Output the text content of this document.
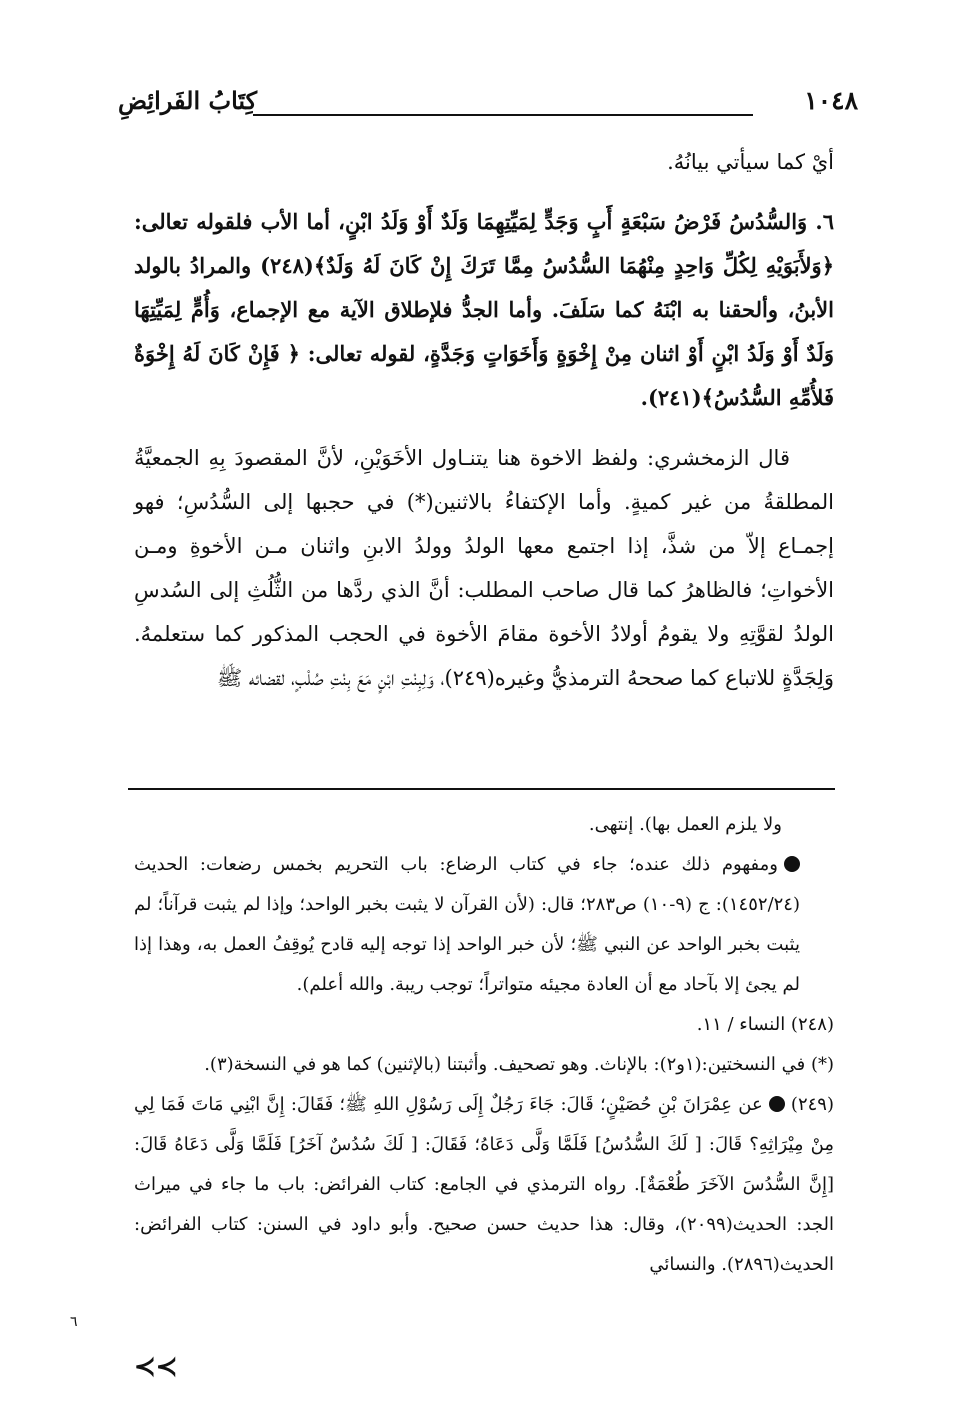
١٠٤٨
كِتَابُ الفَرائِضِ

أيْ كما سيأتي بيانُهُ.

٦. وَالسُّدُسُ فَرْضُ سَبْعَةٍ أَبٍ وَجَدٍّ لِمَيِّتِهِمَا وَلَدٌ أَوْ وَلَدُ ابْنٍ، أما الأب فلقوله تعالى: ﴿وَلأَبَوَيْهِ لِكُلِّ وَاحِدٍ مِنْهُمَا السُّدُسُ مِمَّا تَرَكَ إِنْ كَانَ لَهُ وَلَدٌ﴾(٢٤٨) والمرادُ بالولد الأبنُ، وألحقنا به ابْنَهُ كما سَلَفَ. وأما الجدُّ فلإطلاق الآية مع الإجماع، وَأُمٍّ لِمَيِّتِهَا وَلَدٌ أَوْ وَلَدُ ابْنٍ أَوْ اثنان مِنْ إِخْوَةٍ وَأَخَوَاتٍ وَجَدَّةٍ، لقوله تعالى: ﴿ فَإِنْ كَانَ لَهُ إِخْوَةٌ فَلأُمِّهِ السُّدُسُ﴾(٢٤١).

قال الزمخشري: ولفظ الاخوة هنا يتنـاول الأخَوَيْنِ، لأنَّ المقصودَ بِهِ الجمعيَّةُ المطلقةُ من غير كميةٍ. وأما الإكتفاءُ بالاثنين(*) في حجبها إلى السُّدُسِ؛ فهو إجمـاع إلاّ من شذَّ، إذا اجتمع معها الولدُ وولدُ الابنِ واثنان مـن الأخوةِ ومـن الأخواتِ؛ فالظاهرُ كما قال صاحب المطلب: أنَّ الذي ردَّها من الثُّلُثِ إلى السُدسِ الولدُ لقوَّتِهِ ولا يقومُ أولادُ الأخوة مقامَ الأخوة في الحجب المذكور كما ستعلمهُ. وَلِجَدَّةٍ للاتباع كما صححهُ الترمذيُّ وغيره(٢٤٩)، وَلِبِنْتِ ابْنٍ مَعَ بِنْتِ صُلْبٍ، لقضائه ﷺ

ولا يلزم العمل بها). إنتهى.

ومفهوم ذلك عنده؛ جاء في كتاب الرضاع: باب التحريم بخمس رضعات: الحديث (١٤٥٢/٢٤): ج (٩-١٠) ص٢٨٣؛ قال: (لأن القرآن لا يثبت بخبر الواحد؛ وإذا لم يثبت قرآناً؛ لم يثبت بخبر الواحد عن النبي ﷺ؛ لأن خبر الواحد إذا توجه إليه قادح يُوقِفُ العمل به، وهذا إذا لم يجئ إلا بآحاد مع أن العادة مجيئه متواتراً؛ توجب ريبة. والله أعلم).

(٢٤٨) النساء / ١١.

(*) في النسختين:(١و٢): بالإناث. وهو تصحيف. وأثبتنا (بالإثنين) كما هو في النسخة(٣).

(٢٤٩) عن عِمْرَانَ بْنِ حُصَيْنٍ؛ قَالَ: جَاءَ رَجُلٌ إِلَى رَسُوْلِ اللهِ ﷺ؛ فَقَالَ: إِنَّ ابْنِي مَاتَ فَمَا لِي مِنْ مِيْرَاثِهِ؟ قَالَ: [ لَكَ السُّدُسُ] فَلَمَّا وَلَّى دَعَاهُ؛ فَقَالَ: [ لَكَ سُدُسٌ آخَرُ] فَلَمَّا وَلَّى دَعَاهُ قَالَ: [إِنَّ السُّدُسَ الآخَرَ طُعْمَةٌ]. رواه الترمذي في الجامع: كتاب الفرائض: باب ما جاء في ميراث الجد: الحديث(٢٠٩٩)، وقال: هذا حديث حسن صحيح. وأبو داود في السنن: كتاب الفرائض: الحديث(٢٨٩٦). والنسائي

٦
≺≺
